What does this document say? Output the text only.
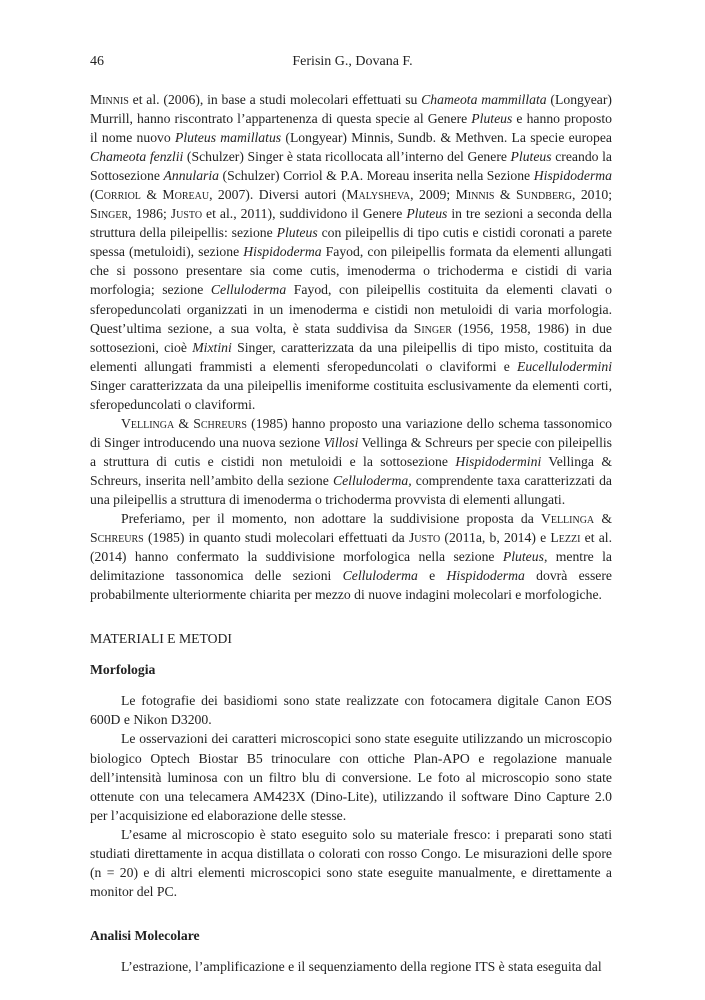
46	Ferisin G., Dovana F.

Minnis et al. (2006), in base a studi molecolari effettuati su Chameota mammillata (Longyear) Murrill, hanno riscontrato l’appartenenza di questa specie al Genere Pluteus e hanno proposto il nome nuovo Pluteus mamillatus (Longyear) Minnis, Sundb. & Methven. La specie europea Chameota fenzlii (Schulzer) Singer è stata ricollocata all’interno del Genere Pluteus creando la Sottosezione Annularia (Schulzer) Corriol & P.A. Moreau inserita nella Sezione Hispidoderma (Corriol & Moreau, 2007). Diversi autori (Malysheva, 2009; Minnis & Sundberg, 2010; Singer, 1986; Justo et al., 2011), suddividono il Genere Pluteus in tre sezioni a seconda della struttura della pileipellis: sezione Pluteus con pileipellis di tipo cutis e cistidi coronati a parete spessa (metuloidi), sezione Hispidoderma Fayod, con pileipellis formata da elementi allungati che si possono presentare sia come cutis, imenoderma o trichoderma e cistidi di varia morfologia; sezione Celluloderma Fayod, con pileipellis costituita da elementi clavati o sferopeduncolati organizzati in un imenoderma e cistidi non metuloidi di varia morfologia. Quest’ultima sezione, a sua volta, è stata suddivisa da Singer (1956, 1958, 1986) in due sottosezioni, cioè Mixtini Singer, caratterizzata da una pileipellis di tipo misto, costituita da elementi allungati frammisti a elementi sferopeduncolati o claviformi e Eucellulodermini Singer caratterizzata da una pileipellis imeniforme costituita esclusivamente da elementi corti, sferopeduncolati o claviformi.

Vellinga & Schreurs (1985) hanno proposto una variazione dello schema tassonomico di Singer introducendo una nuova sezione Villosi Vellinga & Schreurs per specie con pileipellis a struttura di cutis e cistidi non metuloidi e la sottosezione Hispidodermini Vellinga & Schreurs, inserita nell’ambito della sezione Celluloderma, comprendente taxa caratterizzati da una pileipellis a struttura di imenoderma o trichoderma provvista di elementi allungati.

Preferiamo, per il momento, non adottare la suddivisione proposta da Vellinga & Schreurs (1985) in quanto studi molecolari effettuati da Justo (2011a, b, 2014) e Lezzi et al. (2014) hanno confermato la suddivisione morfologica nella sezione Pluteus, mentre la delimitazione tassonomica delle sezioni Celluloderma e Hispidoderma dovrà essere probabilmente ulteriormente chiarita per mezzo di nuove indagini molecolari e morfologiche.

MATERIALI E METODI
Morfologia

Le fotografie dei basidiomi sono state realizzate con fotocamera digitale Canon EOS 600D e Nikon D3200.

Le osservazioni dei caratteri microscopici sono state eseguite utilizzando un microscopio biologico Optech Biostar B5 trinoculare con ottiche Plan-APO e regolazione manuale dell’intensità luminosa con un filtro blu di conversione. Le foto al microscopio sono state ottenute con una telecamera AM423X (Dino-Lite), utilizzando il software Dino Capture 2.0 per l’acquisizione ed elaborazione delle stesse.

L’esame al microscopio è stato eseguito solo su materiale fresco: i preparati sono stati studiati direttamente in acqua distillata o colorati con rosso Congo. Le misurazioni delle spore (n = 20) e di altri elementi microscopici sono state eseguite manualmente, e direttamente a monitor del PC.

Analisi Molecolare

L’estrazione, l’amplificazione e il sequenziamento della regione ITS è stata eseguita dal
